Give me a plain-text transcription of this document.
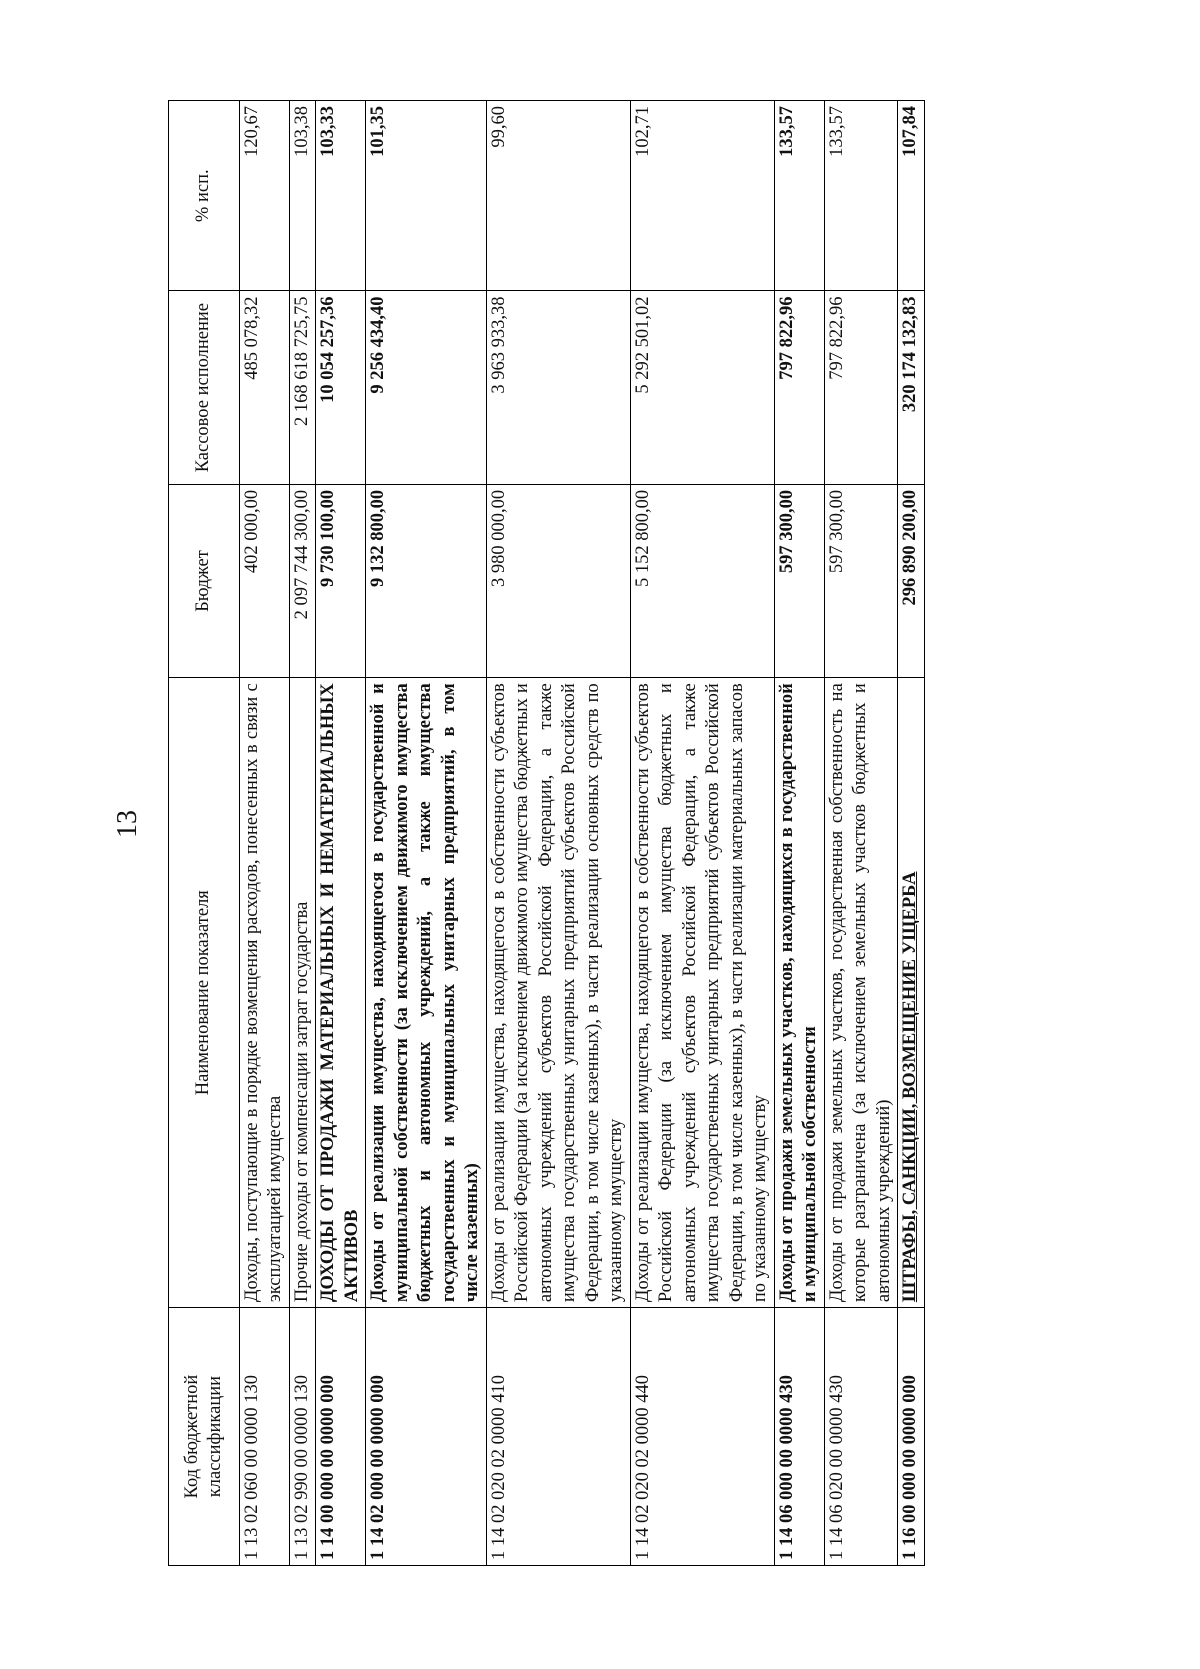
13
Код бюджетной классификации	Наименование показателя	Бюджет	Кассовое исполнение	% исп.
1 13 02 060 00 0000 130	Доходы, поступающие в порядке возмещения расходов, понесенных в связи с эксплуатацией имущества	402 000,00	485 078,32	120,67
1 13 02 990 00 0000 130	Прочие доходы от компенсации затрат государства	2 097 744 300,00	2 168 618 725,75	103,38
1 14 00 000 00 0000 000	ДОХОДЫ ОТ ПРОДАЖИ МАТЕРИАЛЬНЫХ И НЕМАТЕРИАЛЬНЫХ АКТИВОВ	9 730 100,00	10 054 257,36	103,33
1 14 02 000 00 0000 000	Доходы от реализации имущества, находящегося в государственной и муниципальной собственности (за исключением движимого имущества бюджетных и автономных учреждений, а также имущества государственных и муниципальных унитарных предприятий, в том числе казенных)	9 132 800,00	9 256 434,40	101,35
1 14 02 020 02 0000 410	Доходы от реализации имущества, находящегося в собственности субъектов Российской Федерации (за исключением движимого имущества бюджетных и автономных учреждений субъектов Российской Федерации, а также имущества государственных унитарных предприятий субъектов Российской Федерации, в том числе казенных), в части реализации основных средств по указанному имуществу	3 980 000,00	3 963 933,38	99,60
1 14 02 020 02 0000 440	Доходы от реализации имущества, находящегося в собственности субъектов Российской Федерации (за исключением имущества бюджетных и автономных учреждений субъектов Российской Федерации, а также имущества государственных унитарных предприятий субъектов Российской Федерации, в том числе казенных), в части реализации материальных запасов по указанному имуществу	5 152 800,00	5 292 501,02	102,71
1 14 06 000 00 0000 430	Доходы от продажи земельных участков, находящихся в государственной и муниципальной собственности	597 300,00	797 822,96	133,57
1 14 06 020 00 0000 430	Доходы от продажи земельных участков, государственная собственность на которые разграничена (за исключением земельных участков бюджетных и автономных учреждений)	597 300,00	797 822,96	133,57
1 16 00 000 00 0000 000	ШТРАФЫ, САНКЦИИ, ВОЗМЕЩЕНИЕ УЩЕРБА	296 890 200,00	320 174 132,83	107,84
